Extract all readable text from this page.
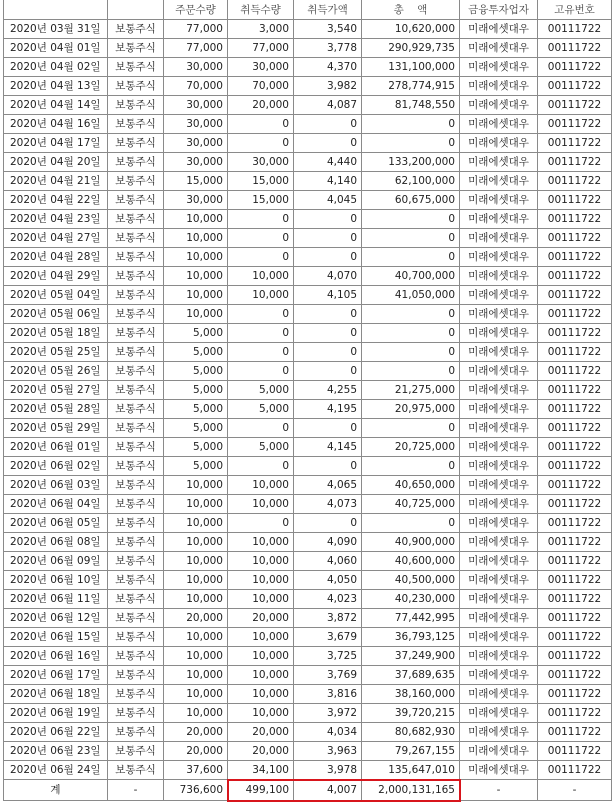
		주문수량	취득수량	취득가액	총    액	금융투자업자	고유번호
2020년 03월 31일	보통주식	77,000	3,000	3,540	10,620,000	미래에셋대우	00111722
2020년 04월 01일	보통주식	77,000	77,000	3,778	290,929,735	미래에셋대우	00111722
2020년 04월 02일	보통주식	30,000	30,000	4,370	131,100,000	미래에셋대우	00111722
2020년 04월 13일	보통주식	70,000	70,000	3,982	278,774,915	미래에셋대우	00111722
2020년 04월 14일	보통주식	30,000	20,000	4,087	81,748,550	미래에셋대우	00111722
2020년 04월 16일	보통주식	30,000	0	0	0	미래에셋대우	00111722
2020년 04월 17일	보통주식	30,000	0	0	0	미래에셋대우	00111722
2020년 04월 20일	보통주식	30,000	30,000	4,440	133,200,000	미래에셋대우	00111722
2020년 04월 21일	보통주식	15,000	15,000	4,140	62,100,000	미래에셋대우	00111722
2020년 04월 22일	보통주식	30,000	15,000	4,045	60,675,000	미래에셋대우	00111722
2020년 04월 23일	보통주식	10,000	0	0	0	미래에셋대우	00111722
2020년 04월 27일	보통주식	10,000	0	0	0	미래에셋대우	00111722
2020년 04월 28일	보통주식	10,000	0	0	0	미래에셋대우	00111722
2020년 04월 29일	보통주식	10,000	10,000	4,070	40,700,000	미래에셋대우	00111722
2020년 05월 04일	보통주식	10,000	10,000	4,105	41,050,000	미래에셋대우	00111722
2020년 05월 06일	보통주식	10,000	0	0	0	미래에셋대우	00111722
2020년 05월 18일	보통주식	5,000	0	0	0	미래에셋대우	00111722
2020년 05월 25일	보통주식	5,000	0	0	0	미래에셋대우	00111722
2020년 05월 26일	보통주식	5,000	0	0	0	미래에셋대우	00111722
2020년 05월 27일	보통주식	5,000	5,000	4,255	21,275,000	미래에셋대우	00111722
2020년 05월 28일	보통주식	5,000	5,000	4,195	20,975,000	미래에셋대우	00111722
2020년 05월 29일	보통주식	5,000	0	0	0	미래에셋대우	00111722
2020년 06월 01일	보통주식	5,000	5,000	4,145	20,725,000	미래에셋대우	00111722
2020년 06월 02일	보통주식	5,000	0	0	0	미래에셋대우	00111722
2020년 06월 03일	보통주식	10,000	10,000	4,065	40,650,000	미래에셋대우	00111722
2020년 06월 04일	보통주식	10,000	10,000	4,073	40,725,000	미래에셋대우	00111722
2020년 06월 05일	보통주식	10,000	0	0	0	미래에셋대우	00111722
2020년 06월 08일	보통주식	10,000	10,000	4,090	40,900,000	미래에셋대우	00111722
2020년 06월 09일	보통주식	10,000	10,000	4,060	40,600,000	미래에셋대우	00111722
2020년 06월 10일	보통주식	10,000	10,000	4,050	40,500,000	미래에셋대우	00111722
2020년 06월 11일	보통주식	10,000	10,000	4,023	40,230,000	미래에셋대우	00111722
2020년 06월 12일	보통주식	20,000	20,000	3,872	77,442,995	미래에셋대우	00111722
2020년 06월 15일	보통주식	10,000	10,000	3,679	36,793,125	미래에셋대우	00111722
2020년 06월 16일	보통주식	10,000	10,000	3,725	37,249,900	미래에셋대우	00111722
2020년 06월 17일	보통주식	10,000	10,000	3,769	37,689,635	미래에셋대우	00111722
2020년 06월 18일	보통주식	10,000	10,000	3,816	38,160,000	미래에셋대우	00111722
2020년 06월 19일	보통주식	10,000	10,000	3,972	39,720,215	미래에셋대우	00111722
2020년 06월 22일	보통주식	20,000	20,000	4,034	80,682,930	미래에셋대우	00111722
2020년 06월 23일	보통주식	20,000	20,000	3,963	79,267,155	미래에셋대우	00111722
2020년 06월 24일	보통주식	37,600	34,100	3,978	135,647,010	미래에셋대우	00111722
계	-	736,600	499,100	4,007	2,000,131,165	-	-
